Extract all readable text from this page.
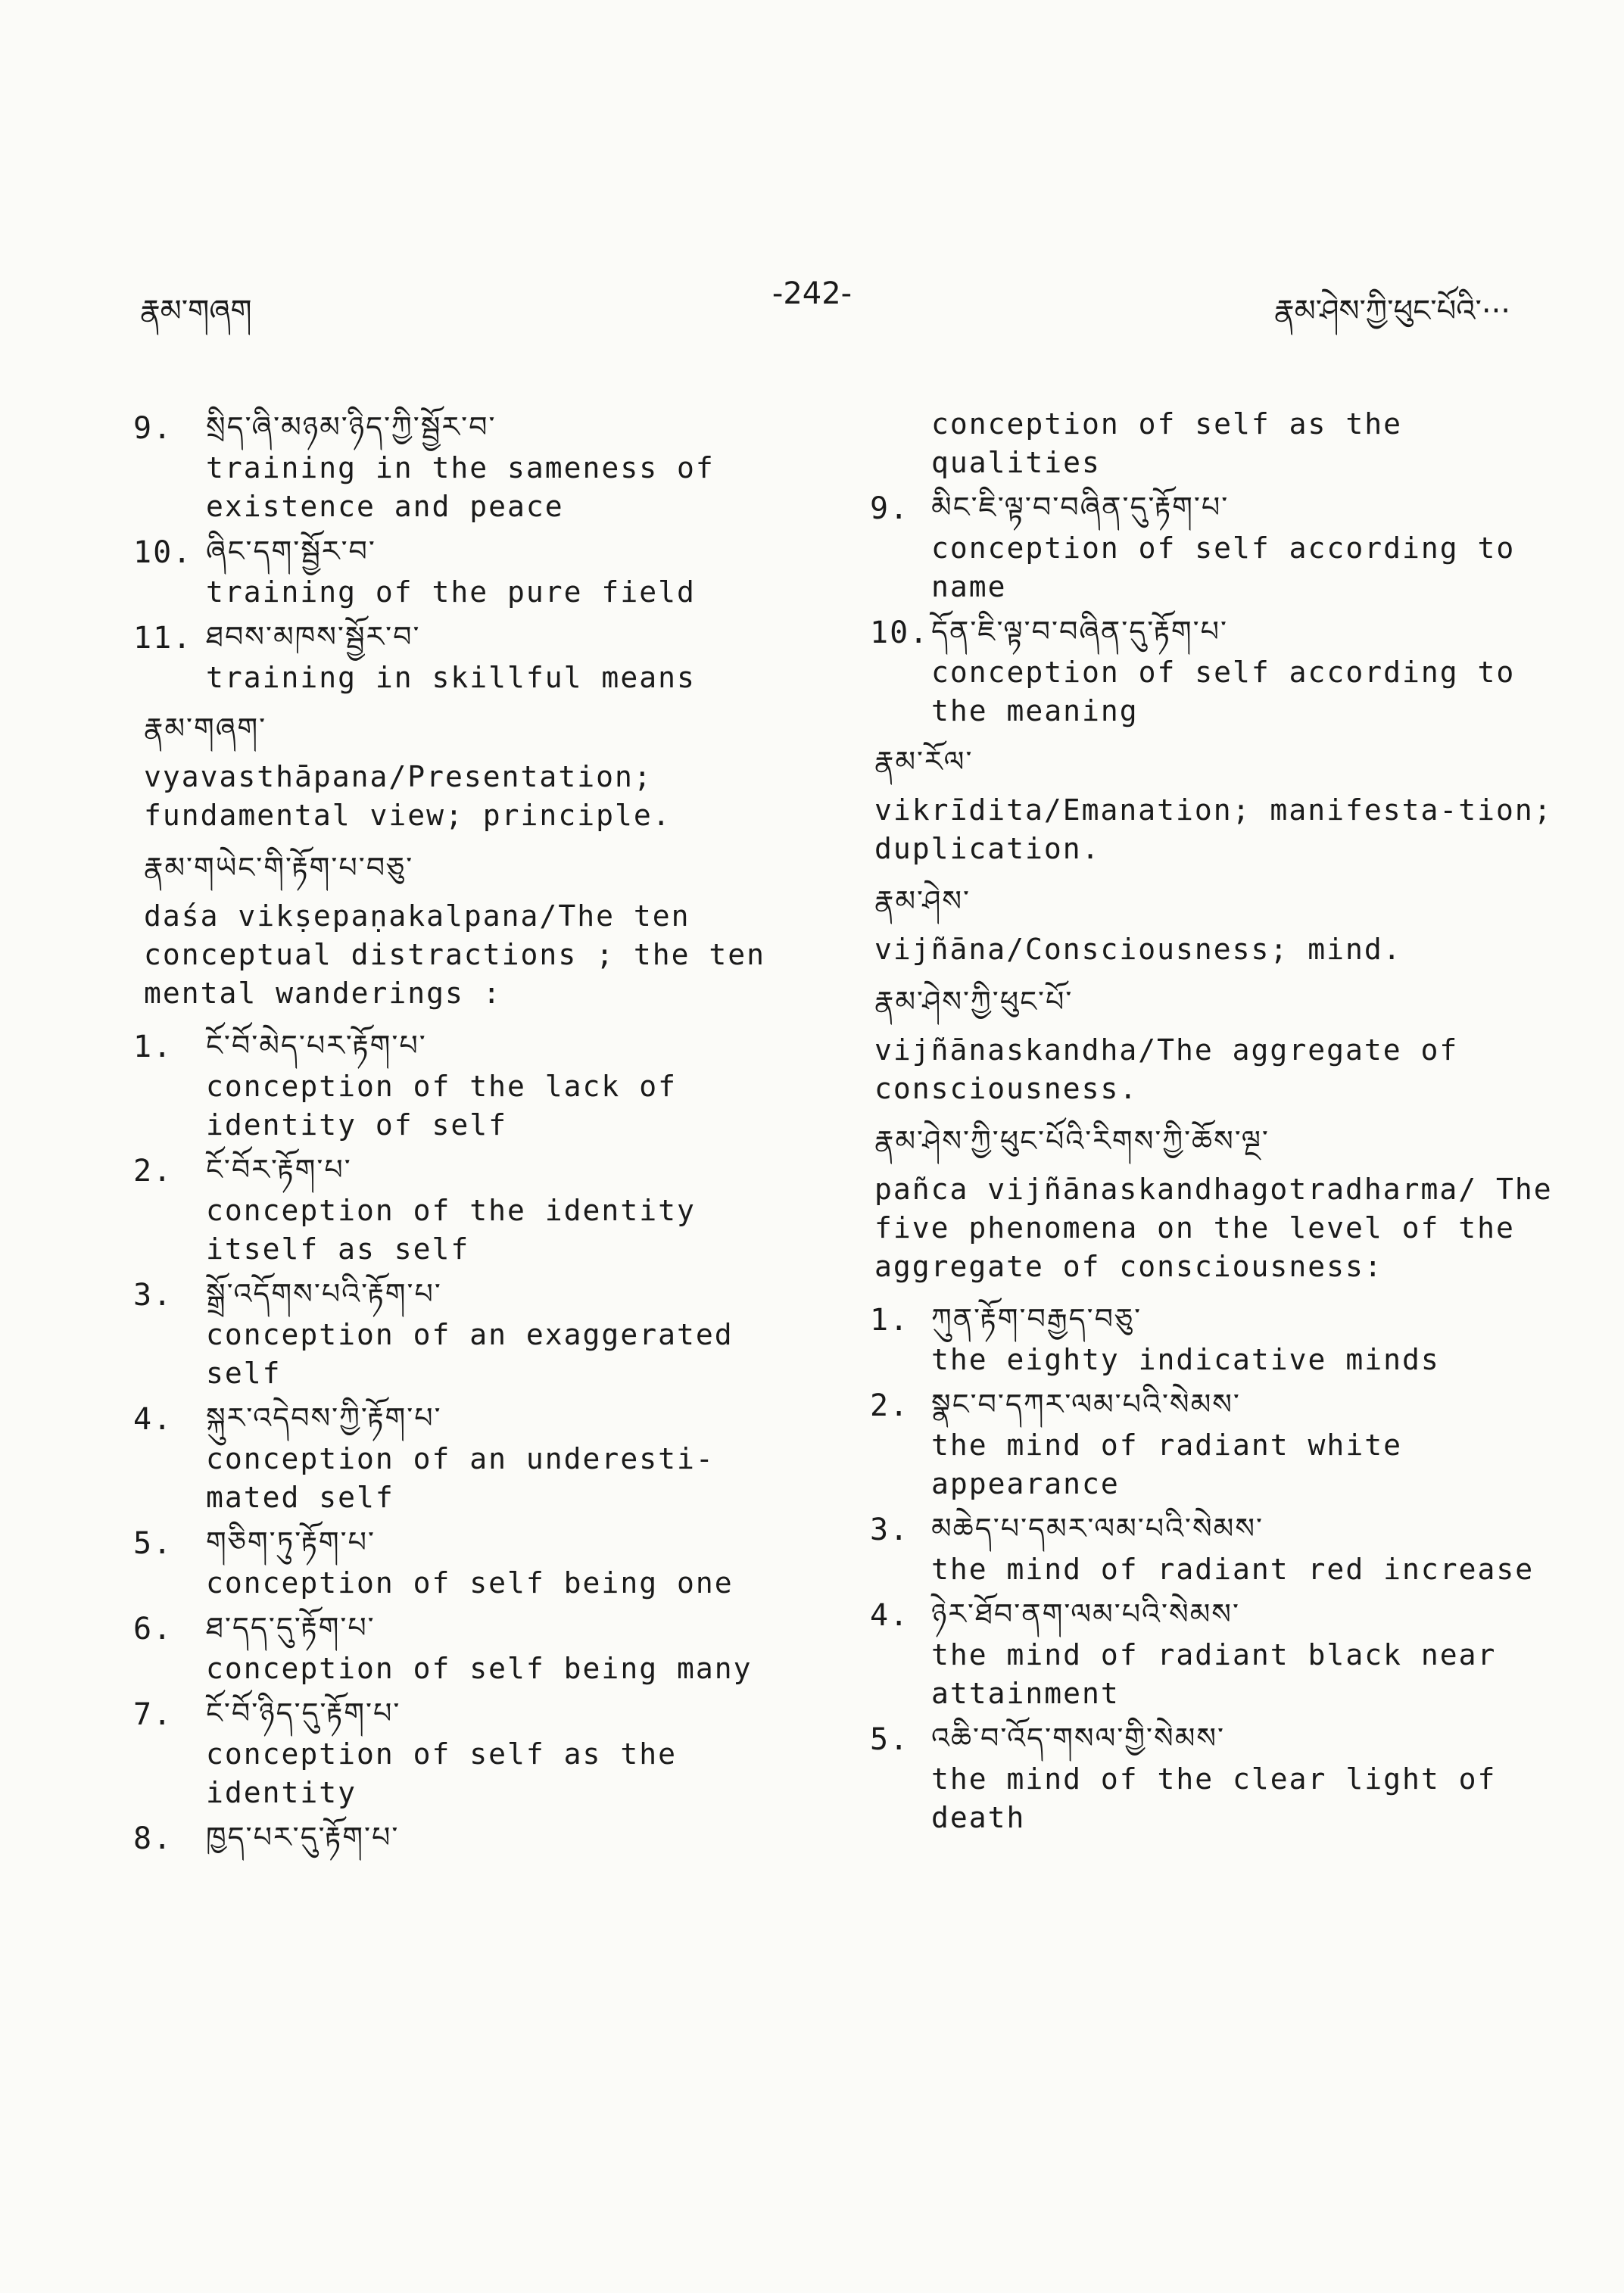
རྣམ་གཞག	-242-	རྣམ་ཤེས་ཀྱི་ཕུང་པོའི་···
9. སྲིད་ཞི་མཉམ་ཉིད་ཀྱི་སྦྱོར་བ་
training in the sameness of existence and peace
10. ཞིང་དག་སྦྱོར་བ་
training of the pure field
11. ཐབས་མཁས་སྦྱོར་བ་
training in skillful means
རྣམ་གཞག་
vyavasthāpana/Presentation; fundamental view; principle.
རྣམ་གཡེང་གི་རྟོག་པ་བཅུ་
daśa vikṣepaṇakalpana/The ten conceptual distractions ; the ten mental wanderings :
1. ངོ་བོ་མེད་པར་རྟོག་པ་
conception of the lack of identity of self
2. ངོ་བོར་རྟོག་པ་
conception of the identity itself as self
3. སྒྲོ་འདོགས་པའི་རྟོག་པ་
conception of an exaggerated self
4. སྐུར་འདེབས་ཀྱི་རྟོག་པ་
conception of an underesti-mated self
5. གཅིག་ཏུ་རྟོག་པ་
conception of self being one
6. ཐ་དད་དུ་རྟོག་པ་
conception of self being many
7. ངོ་བོ་ཉིད་དུ་རྟོག་པ་
conception of self as the identity
8. ཁྱད་པར་དུ་རྟོག་པ་
conception of self as the qualities
9. མིང་ཇི་ལྟ་བ་བཞིན་དུ་རྟོག་པ་
conception of self according to name
10. དོན་ཇི་ལྟ་བ་བཞིན་དུ་རྟོག་པ་
conception of self according to the meaning
རྣམ་རོལ་
vikrīdita/Emanation; manifesta-tion; duplication.
རྣམ་ཤེས་
vijñāna/Consciousness; mind.
རྣམ་ཤེས་ཀྱི་ཕུང་པོ་
vijñānaskandha/The aggregate of consciousness.
རྣམ་ཤེས་ཀྱི་ཕུང་པོའི་རིགས་ཀྱི་ཆོས་ལྔ་
pañca vijñānaskandhagotradharma/ The five phenomena on the level of the aggregate of consciousness:
1. ཀུན་རྟོག་བརྒྱད་བཅུ་
the eighty indicative minds
2. སྣང་བ་དཀར་ལམ་པའི་སེམས་
the mind of radiant white appearance
3. མཆེད་པ་དམར་ལམ་པའི་སེམས་
the mind of radiant red increase
4. ཉེར་ཐོབ་ནག་ལམ་པའི་སེམས་
the mind of radiant black near attainment
5. འཆི་བ་འོད་གསལ་གྱི་སེམས་
the mind of the clear light of death
